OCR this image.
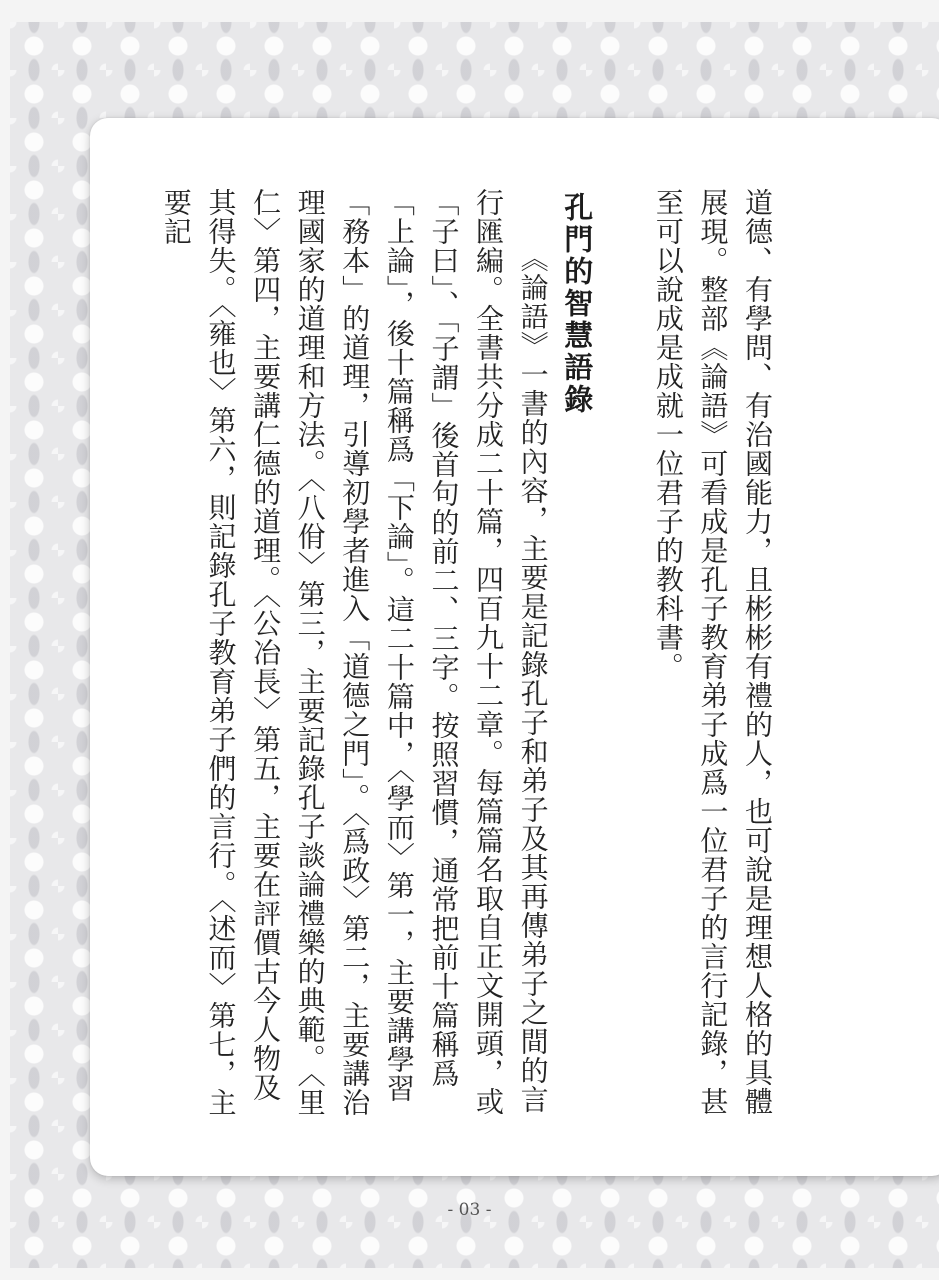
道德、有學問、有治國能力，且彬彬有禮的人，也可說是理想人格的具體展現。整部《論語》可看成是孔子教育弟子成爲一位君子的言行記錄，甚至可以說成是成就一位君子的教科書。

孔門的智慧語錄

《論語》一書的內容，主要是記錄孔子和弟子及其再傳弟子之間的言行匯編。全書共分成二十篇，四百九十二章。每篇篇名取自正文開頭，或「子曰」、「子謂」後首句的前二、三字。按照習慣，通常把前十篇稱爲「上論」，後十篇稱爲「下論」。這二十篇中，〈學而〉第一，主要講學習「務本」的道理，引導初學者進入「道德之門」。〈爲政〉第二，主要講治理國家的道理和方法。〈八佾〉第三，主要記錄孔子談論禮樂的典範。〈里仁〉第四，主要講仁德的道理。〈公冶長〉第五，主要在評價古今人物及其得失。〈雍也〉第六，則記錄孔子教育弟子們的言行。〈述而〉第七，主要記

- 03 -
